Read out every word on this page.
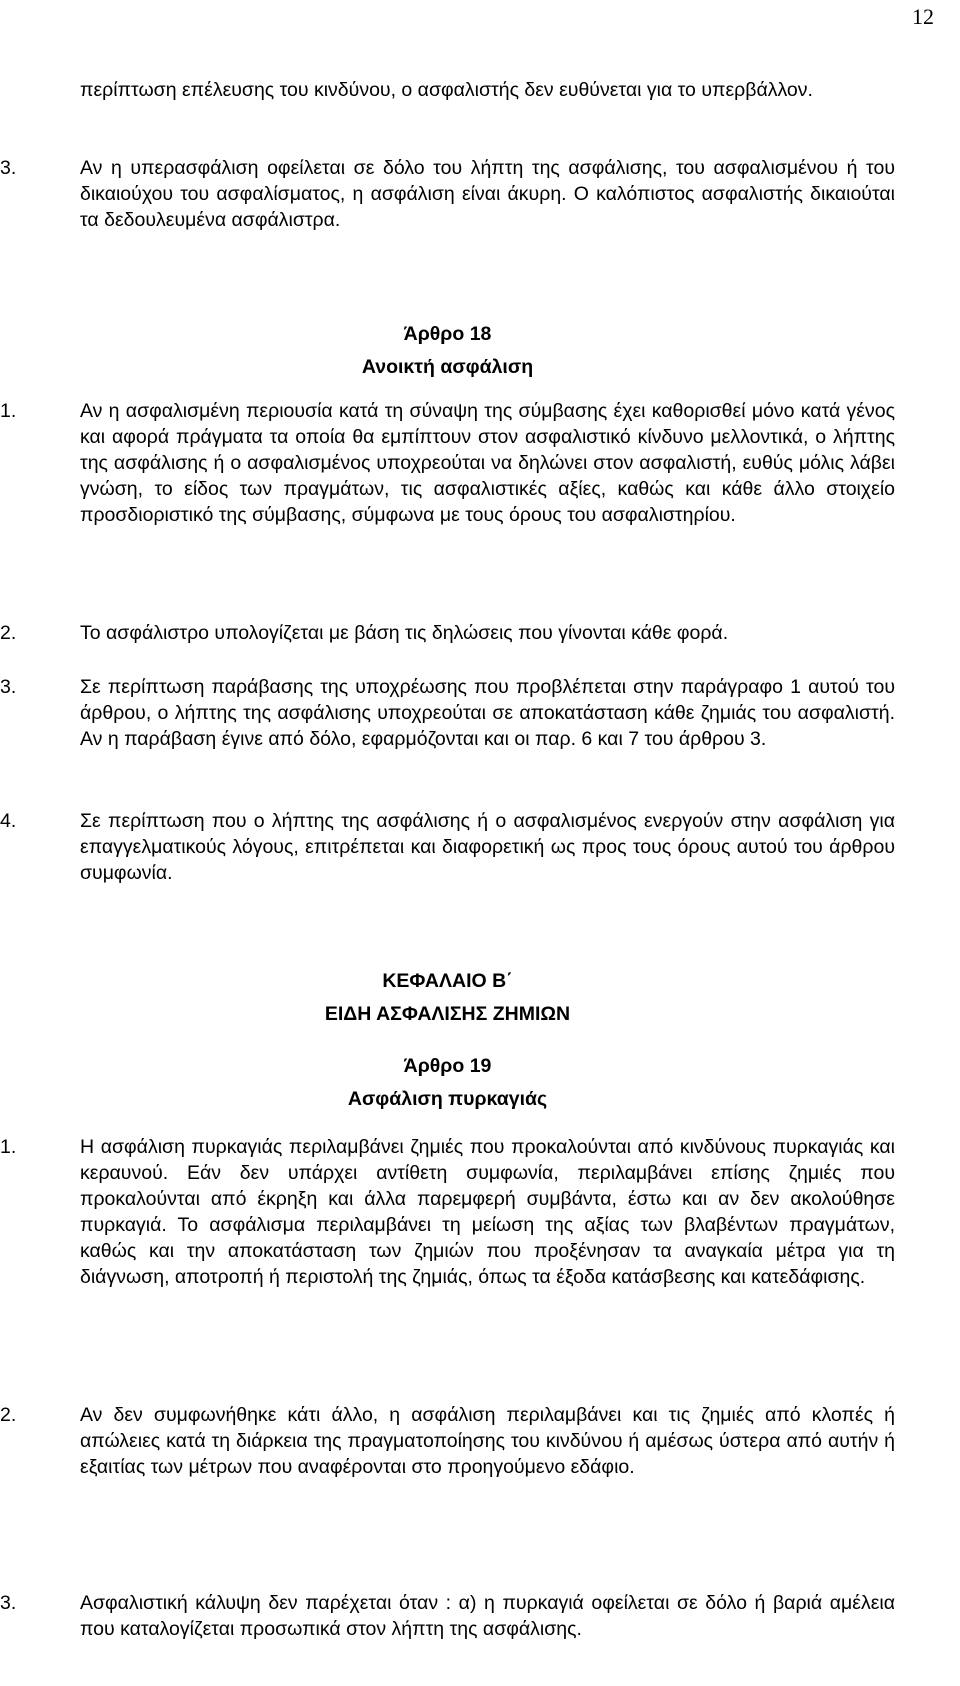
12
περίπτωση επέλευσης του κινδύνου, ο ασφαλιστής δεν ευθύνεται για το υπερβάλλον.
3.	Αν η υπερασφάλιση οφείλεται σε δόλο του λήπτη της ασφάλισης, του ασφαλισμένου ή του δικαιούχου του ασφαλίσματος, η ασφάλιση είναι άκυρη. Ο καλόπιστος ασφαλιστής δικαιούται τα δεδουλευμένα ασφάλιστρα.
Άρθρο 18
Ανοικτή ασφάλιση
1.	Αν η ασφαλισμένη περιουσία κατά τη σύναψη της σύμβασης έχει καθορισθεί μόνο κατά γένος και αφορά πράγματα τα οποία θα εμπίπτουν στον ασφαλιστικό κίνδυνο μελλοντικά, ο λήπτης της ασφάλισης ή ο ασφαλισμένος υποχρεούται να δηλώνει στον ασφαλιστή, ευθύς μόλις λάβει γνώση, το είδος των πραγμάτων, τις ασφαλιστικές αξίες, καθώς και κάθε άλλο στοιχείο προσδιοριστικό της σύμβασης, σύμφωνα με τους όρους του ασφαλιστηρίου.
2.	Το ασφάλιστρο υπολογίζεται με βάση τις δηλώσεις που γίνονται κάθε φορά.
3.	Σε περίπτωση παράβασης της υποχρέωσης που προβλέπεται στην παράγραφο 1 αυτού του άρθρου, ο λήπτης της ασφάλισης υποχρεούται σε αποκατάσταση κάθε ζημιάς του ασφαλιστή. Αν η παράβαση έγινε από δόλο, εφαρμόζονται και οι παρ. 6 και 7 του άρθρου 3.
4.	Σε περίπτωση που ο λήπτης της ασφάλισης ή ο ασφαλισμένος ενεργούν στην ασφάλιση για επαγγελματικούς λόγους, επιτρέπεται και διαφορετική ως προς τους όρους αυτού του άρθρου συμφωνία.
ΚΕΦΑΛΑΙΟ Β΄
ΕΙΔΗ ΑΣΦΑΛΙΣΗΣ ΖΗΜΙΩΝ
Άρθρο 19
Ασφάλιση πυρκαγιάς
1.	Η ασφάλιση πυρκαγιάς περιλαμβάνει ζημιές που προκαλούνται από κινδύνους πυρκαγιάς και κεραυνού. Εάν δεν υπάρχει αντίθετη συμφωνία, περιλαμβάνει επίσης ζημιές που προκαλούνται από έκρηξη και άλλα παρεμφερή συμβάντα, έστω και αν δεν ακολούθησε πυρκαγιά. Το ασφάλισμα περιλαμβάνει τη μείωση της αξίας των βλαβέντων πραγμάτων, καθώς και την αποκατάσταση των ζημιών που προξένησαν τα αναγκαία μέτρα για τη διάγνωση, αποτροπή ή περιστολή της ζημιάς, όπως τα έξοδα κατάσβεσης και κατεδάφισης.
2.	Αν δεν συμφωνήθηκε κάτι άλλο, η ασφάλιση περιλαμβάνει και τις ζημιές από κλοπές ή απώλειες κατά τη διάρκεια της πραγματοποίησης του κινδύνου ή αμέσως ύστερα από αυτήν ή εξαιτίας των μέτρων που αναφέρονται στο προηγούμενο εδάφιο.
3.	Ασφαλιστική κάλυψη δεν παρέχεται όταν : α) η πυρκαγιά οφείλεται σε δόλο ή βαριά αμέλεια που καταλογίζεται προσωπικά στον λήπτη της ασφάλισης.
